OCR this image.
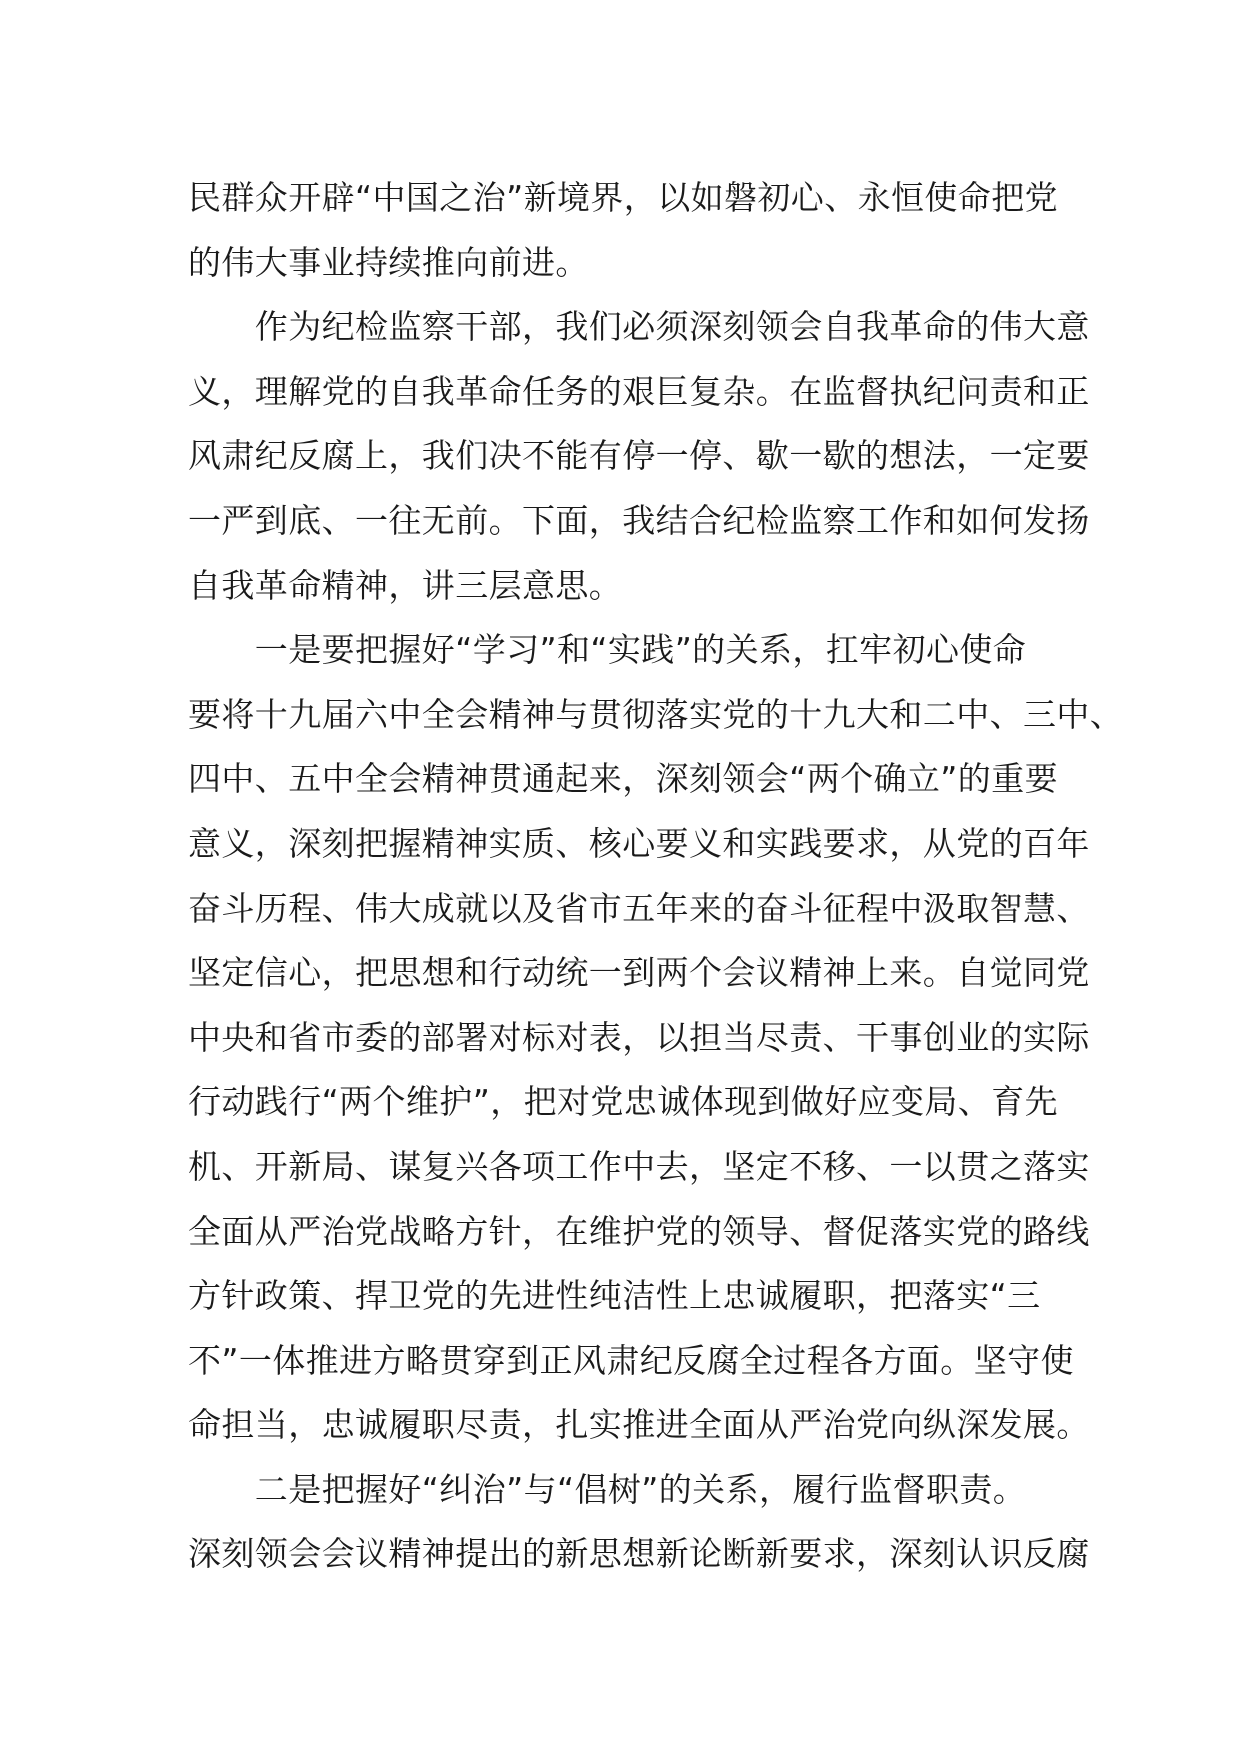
民群众开辟“中国之治”新境界，以如磐初心、永恒使命把党
的伟大事业持续推向前进。
　　作为纪检监察干部，我们必须深刻领会自我革命的伟大意
义，理解党的自我革命任务的艰巨复杂。在监督执纪问责和正
风肃纪反腐上，我们决不能有停一停、歇一歇的想法，一定要
一严到底、一往无前。下面，我结合纪检监察工作和如何发扬
自我革命精神，讲三层意思。
　　一是要把握好“学习”和“实践”的关系，扛牢初心使命
要将十九届六中全会精神与贯彻落实党的十九大和二中、三中、
四中、五中全会精神贯通起来，深刻领会“两个确立”的重要
意义，深刻把握精神实质、核心要义和实践要求，从党的百年
奋斗历程、伟大成就以及省市五年来的奋斗征程中汲取智慧、
坚定信心，把思想和行动统一到两个会议精神上来。自觉同党
中央和省市委的部署对标对表，以担当尽责、干事创业的实际
行动践行“两个维护”，把对党忠诚体现到做好应变局、育先
机、开新局、谋复兴各项工作中去，坚定不移、一以贯之落实
全面从严治党战略方针，在维护党的领导、督促落实党的路线
方针政策、捍卫党的先进性纯洁性上忠诚履职，把落实“三
不”一体推进方略贯穿到正风肃纪反腐全过程各方面。坚守使
命担当，忠诚履职尽责，扎实推进全面从严治党向纵深发展。
　　二是把握好“纠治”与“倡树”的关系，履行监督职责。
深刻领会会议精神提出的新思想新论断新要求，深刻认识反腐
